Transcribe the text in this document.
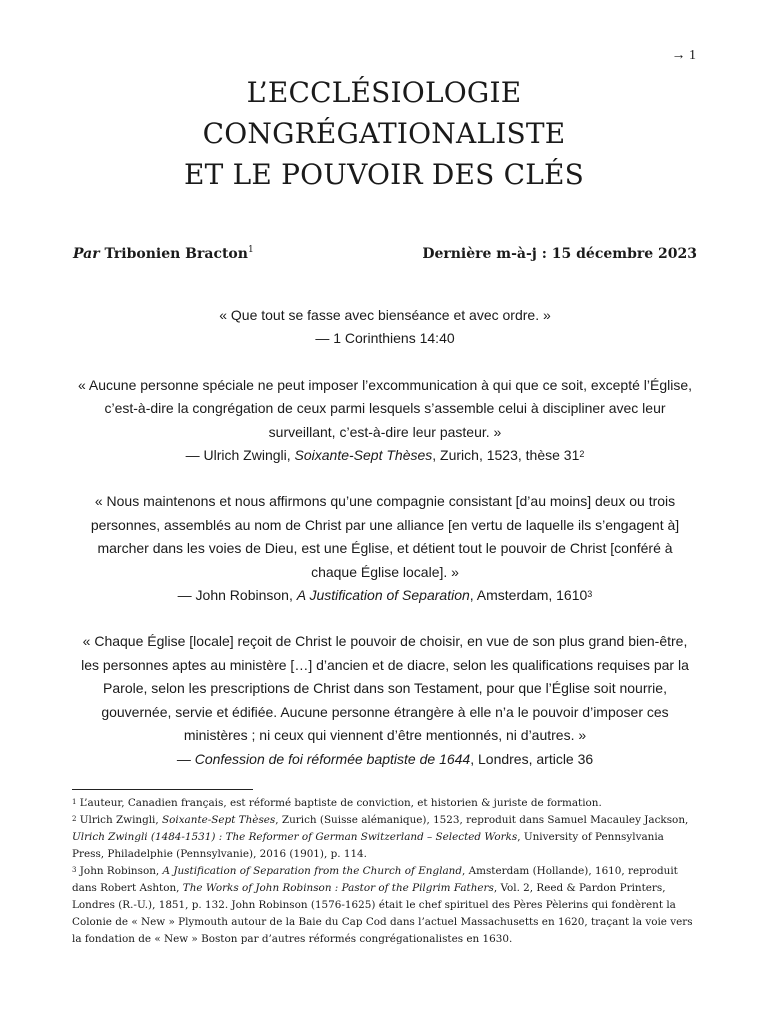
→ 1
L’ECCLÉSIOLOGIE
CONGRÉGATIONALISTE
ET LE POUVOIR DES CLÉS
Par Tribonien Bracton$^1$	Dernière m-à-j : 15 décembre 2023

« Que tout se fasse avec bienséance et avec ordre. »

— 1 Corinthiens 14:40

« Aucune personne spéciale ne peut imposer l’excommunication à qui que ce soit, excepté l’Église, c’est-à-dire la congrégation de ceux parmi lesquels s’assemble celui à discipliner avec leur surveillant, c’est-à-dire leur pasteur. »

— Ulrich Zwingli, Soixante-Sept Thèses, Zurich, 1523, thèse $31^2$

« Nous maintenons et nous affirmons qu’une compagnie consistant [d’au moins] deux ou trois personnes, assemblés au nom de Christ par une alliance [en vertu de laquelle ils s’engagent à] marcher dans les voies de Dieu, est une Église, et détient tout le pouvoir de Christ [conféré à chaque Église locale]. »

— John Robinson, A Justification of Separation, Amsterdam, 1610$^3$

« Chaque Église [locale] reçoit de Christ le pouvoir de choisir, en vue de son plus grand bien-être, les personnes aptes au ministère […] d’ancien et de diacre, selon les qualifications requises par la Parole, selon les prescriptions de Christ dans son Testament, pour que l’Église soit nourrie, gouvernée, servie et édifiée. Aucune personne étrangère à elle n’a le pouvoir d’imposer ces ministères ; ni ceux qui viennent d’être mentionnés, ni d’autres. »

— Confession de foi réformée baptiste de 1644, Londres, article 36

$^1$ L’auteur, Canadien français, est réformé baptiste de conviction, et historien & juriste de formation.

$^2$ Ulrich Zwingli, Soixante-Sept Thèses, Zurich (Suisse alémanique), 1523, reproduit dans Samuel Macauley Jackson, Ulrich Zwingli (1484-1531) : The Reformer of German Switzerland – Selected Works, University of Pennsylvania Press, Philadelphie (Pennsylvanie), 2016 (1901), p. 114.

$^3$ John Robinson, A Justification of Separation from the Church of England, Amsterdam (Hollande), 1610, reproduit dans Robert Ashton, The Works of John Robinson : Pastor of the Pilgrim Fathers, Vol. 2, Reed & Pardon Printers, Londres (R.-U.), 1851, p. 132. John Robinson (1576-1625) était le chef spirituel des Pères Pèlerins qui fondèrent la Colonie de « New » Plymouth autour de la Baie du Cap Cod dans l’actuel Massachusetts en 1620, traçant la voie vers la fondation de « New » Boston par d’autres réformés congrégationalistes en 1630.
